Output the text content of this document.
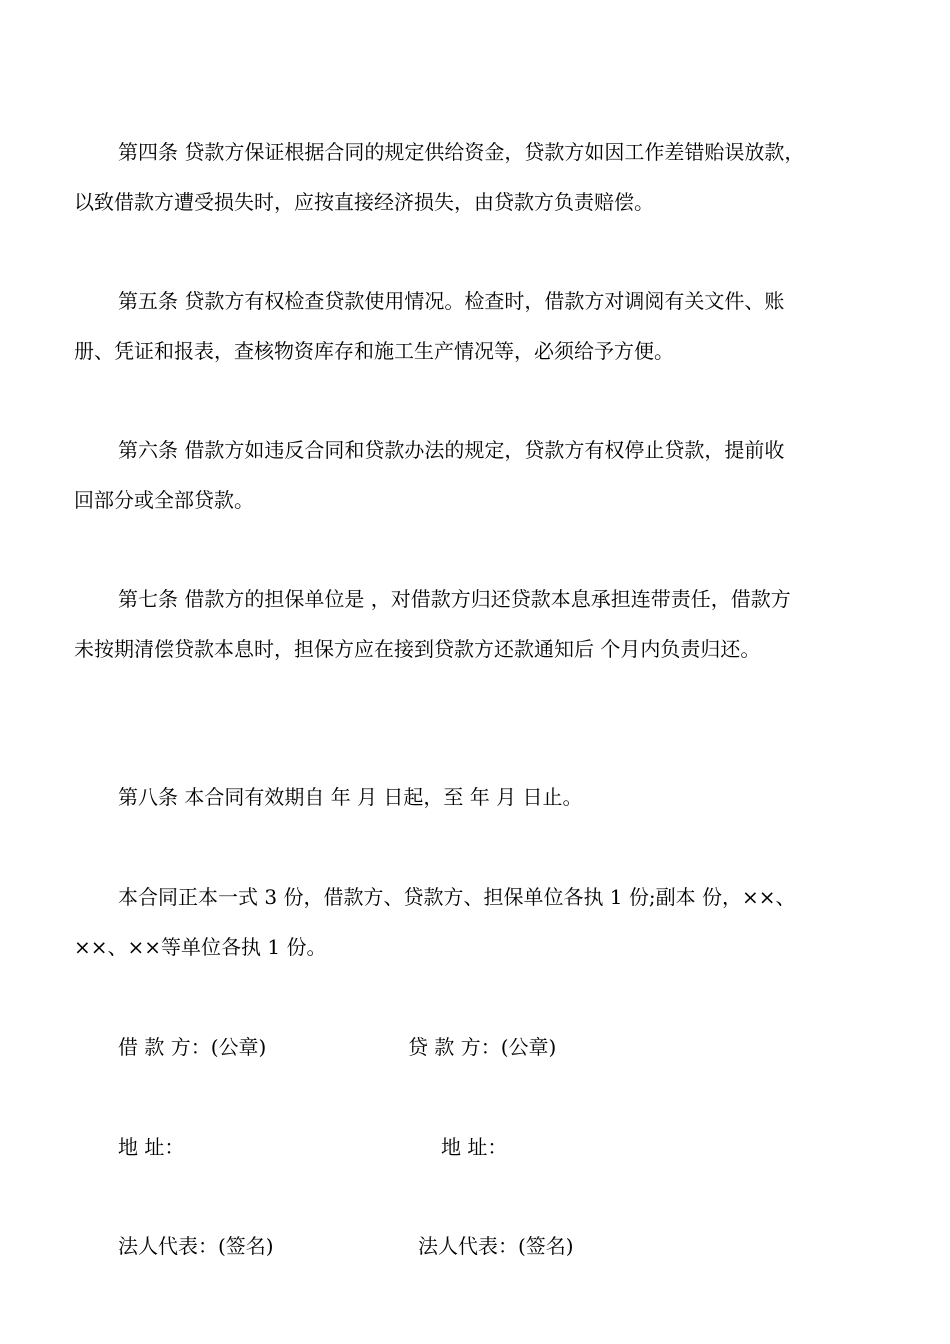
第四条 贷款方保证根据合同的规定供给资金，贷款方如因工作差错贻误放款，
以致借款方遭受损失时，应按直接经济损失，由贷款方负责赔偿。
第五条 贷款方有权检查贷款使用情况。检查时，借款方对调阅有关文件、账
册、凭证和报表，查核物资库存和施工生产情况等，必须给予方便。
第六条 借款方如违反合同和贷款办法的规定，贷款方有权停止贷款，提前收
回部分或全部贷款。
第七条 借款方的担保单位是 ，对借款方归还贷款本息承担连带责任，借款方
未按期清偿贷款本息时，担保方应在接到贷款方还款通知后 个月内负责归还。
第八条 本合同有效期自 年 月 日起，至 年 月 日止。
本合同正本一式 3 份，借款方、贷款方、担保单位各执 1 份;副本 份，××、
××、××等单位各执 1 份。
借 款 方：(公章)	贷 款 方：(公章)
地 址：	地 址：
法人代表：(签名)	法人代表：(签名)
